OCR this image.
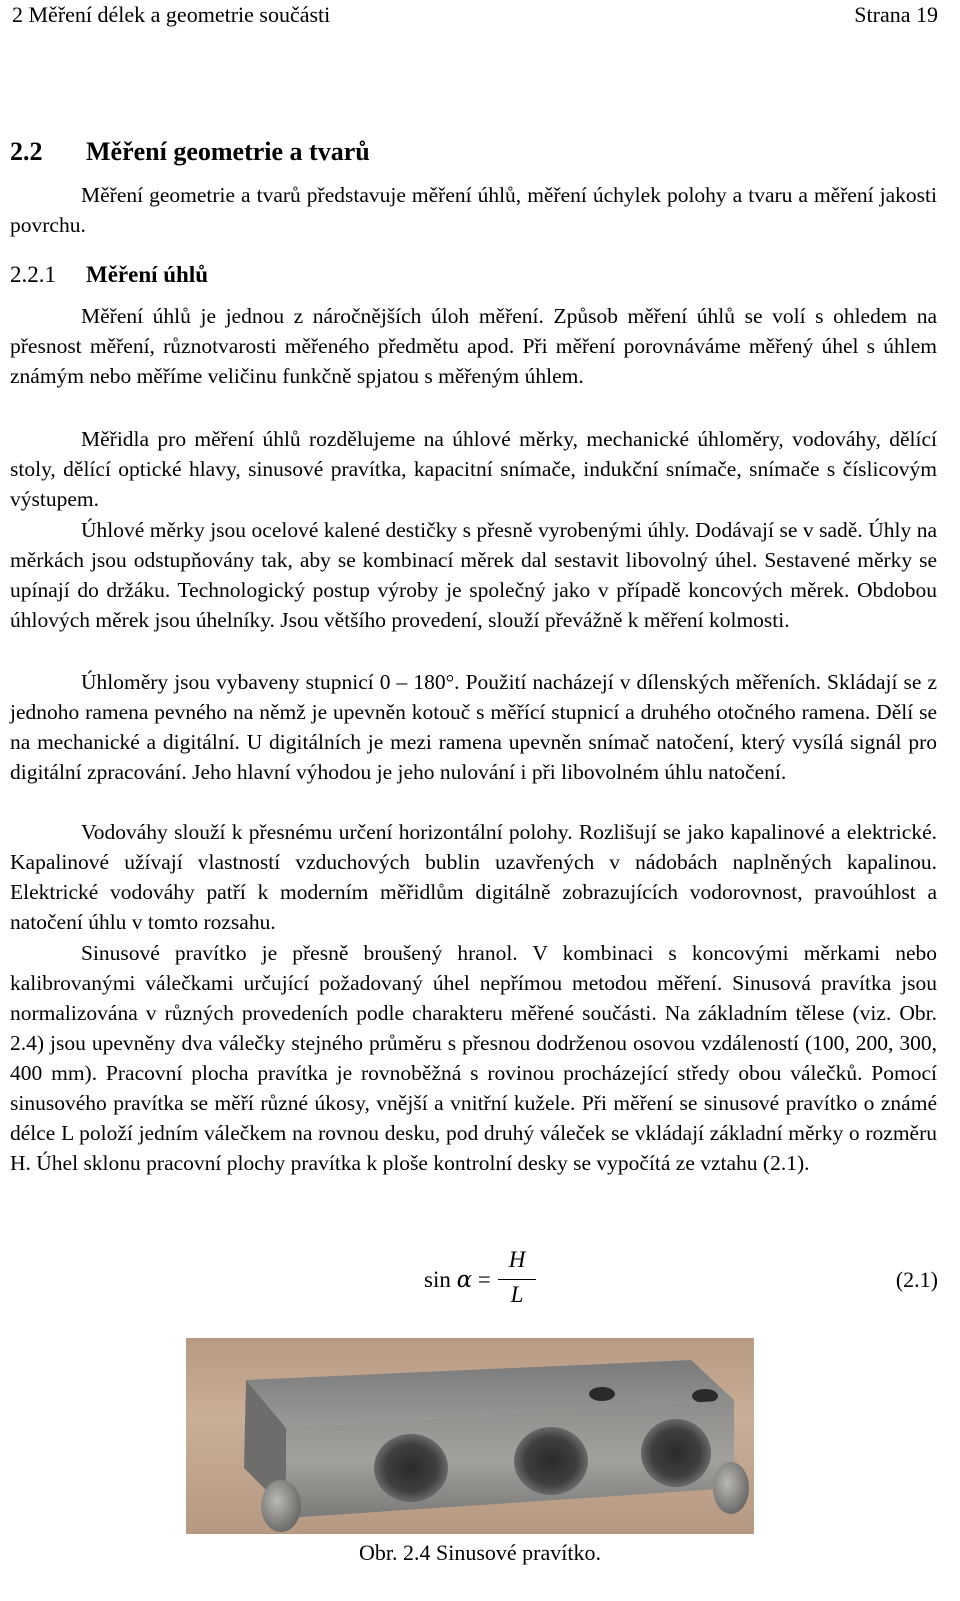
2 Měření délek a geometrie součásti	Strana 19
2.2 Měření geometrie a tvarů
Měření geometrie a tvarů představuje měření úhlů, měření úchylek polohy a tvaru a měření jakosti povrchu.
2.2.1 Měření úhlů
Měření úhlů je jednou z náročnějších úloh měření. Způsob měření úhlů se volí s ohledem na přesnost měření, různotvarosti měřeného předmětu apod. Při měření porovnáváme měřený úhel s úhlem známým nebo měříme veličinu funkčně spjatou s měřeným úhlem.
Měřidla pro měření úhlů rozdělujeme na úhlové měrky, mechanické úhloměry, vodováhy, dělící stoly, dělící optické hlavy, sinusové pravítka, kapacitní snímače, indukční snímače, snímače s číslicovým výstupem.
Úhlové měrky jsou ocelové kalené destičky s přesně vyrobenými úhly. Dodávají se v sadě. Úhly na měrkách jsou odstupňovány tak, aby se kombinací měrek dal sestavit libovolný úhel. Sestavené měrky se upínají do držáku. Technologický postup výroby je společný jako v případě koncových měrek. Obdobou úhlových měrek jsou úhelníky. Jsou většího provedení, slouží převážně k měření kolmosti.
Úhloměry jsou vybaveny stupnicí 0 – 180°. Použití nacházejí v dílenských měřeních. Skládají se z jednoho ramena pevného na němž je upevněn kotouč s měřící stupnicí a druhého otočného ramena. Dělí se na mechanické a digitální. U digitálních je mezi ramena upevněn snímač natočení, který vysílá signál pro digitální zpracování. Jeho hlavní výhodou je jeho nulování i při libovolném úhlu natočení.
Vodováhy slouží k přesnému určení horizontální polohy. Rozlišují se jako kapalinové a elektrické. Kapalinové užívají vlastností vzduchových bublin uzavřených v nádobách naplněných kapalinou. Elektrické vodováhy patří k moderním měřidlům digitálně zobrazujících vodorovnost, pravoúhlost a natočení úhlu v tomto rozsahu.
Sinusové pravítko je přesně broušený hranol. V kombinaci s koncovými měrkami nebo kalibrovanými válečkami určující požadovaný úhel nepřímou metodou měření. Sinusová pravítka jsou normalizována v různých provedeních podle charakteru měřené součásti. Na základním tělese (viz. Obr. 2.4) jsou upevněny dva válečky stejného průměru s přesnou dodrženou osovou vzdáleností (100, 200, 300, 400 mm). Pracovní plocha pravítka je rovnoběžná s rovinou procházející středy obou válečků. Pomocí sinusového pravítka se měří různé úkosy, vnější a vnitřní kužele. Při měření se sinusové pravítko o známé délce L položí jedním válečkem na rovnou desku, pod druhý váleček se vkládají základní měrky o rozměru H. Úhel sklonu pracovní plochy pravítka k ploše kontrolní desky se vypočítá ze vztahu (2.1).
sin α =
H
L
(2.1)
Obr. 2.4 Sinusové pravítko.
